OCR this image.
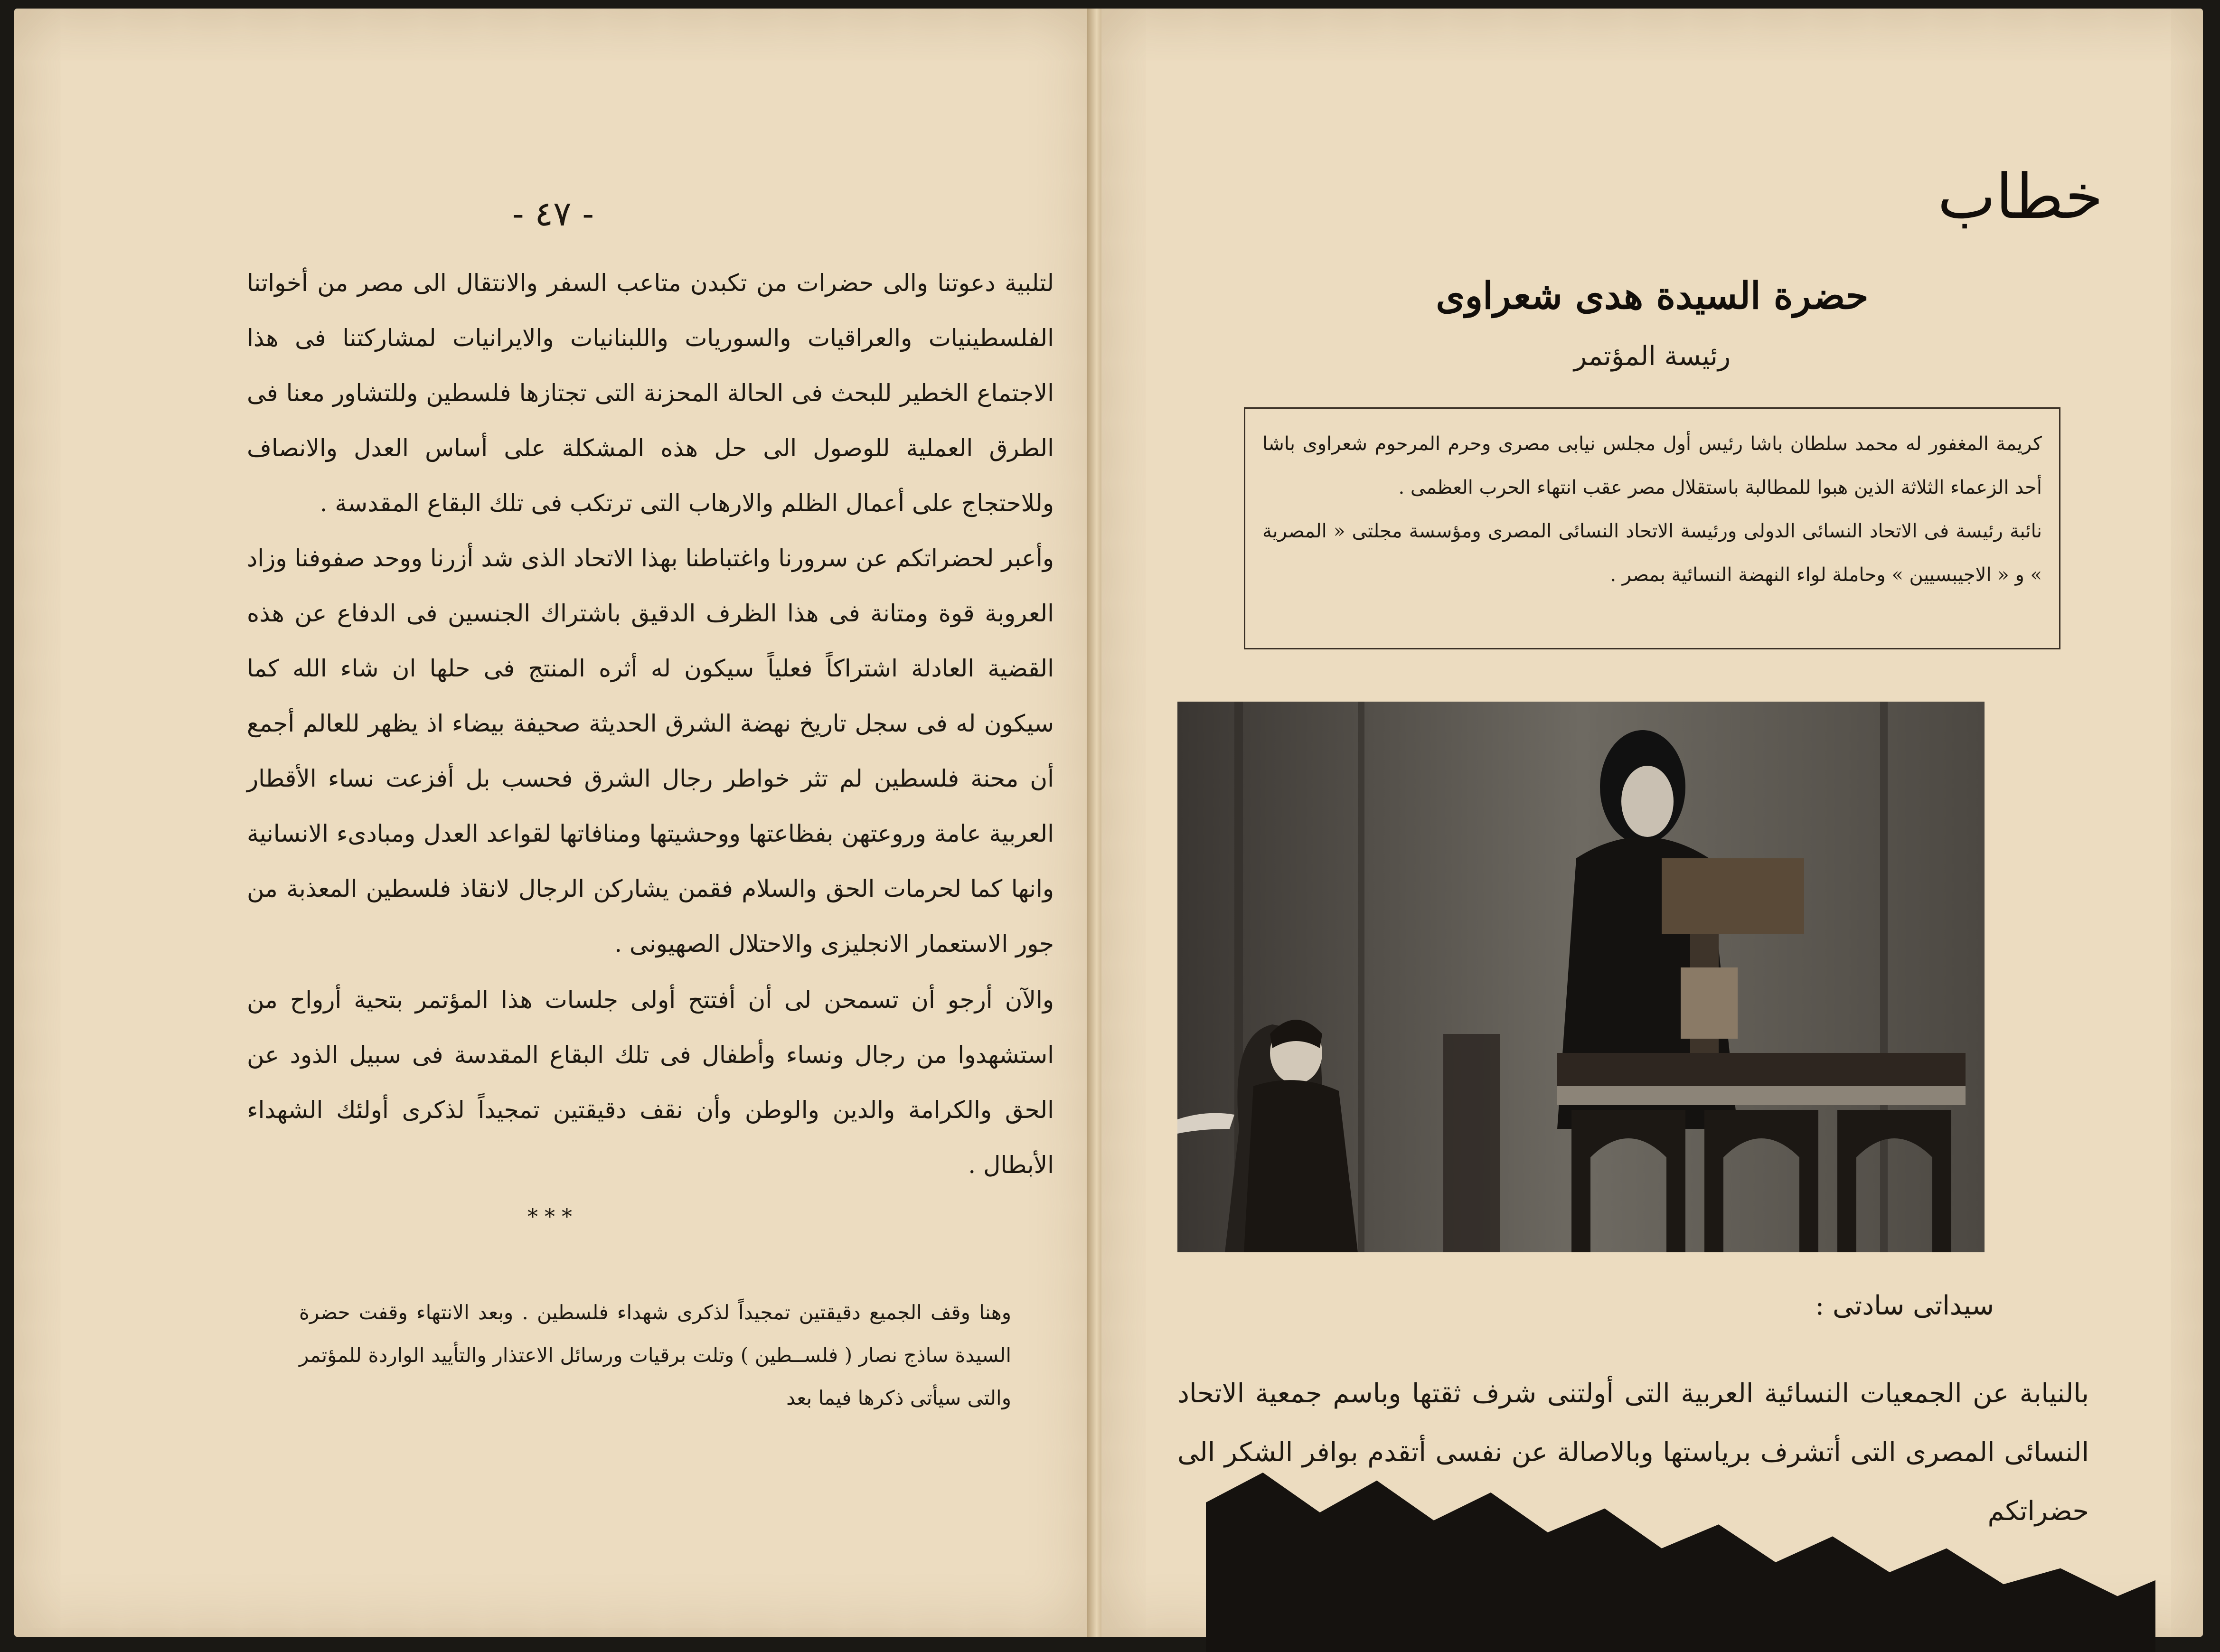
- ٤٧ -

لتلبية دعوتنا والى حضرات من تكبدن متاعب السفر والانتقال الى مصر من أخواتنا الفلسطينيات والعراقيات والسوريات واللبنانيات والايرانيات لمشاركتنا فى هذا الاجتماع الخطير للبحث فى الحالة المحزنة التى تجتازها فلسطين وللتشاور معنا فى الطرق العملية للوصول الى حل هذه المشكلة على أساس العدل والانصاف وللاحتجاج على أعمال الظلم والارهاب التى ترتكب فى تلك البقاع المقدسة .

وأعبر لحضراتكم عن سرورنا واغتباطنا بهذا الاتحاد الذى شد أزرنا ووحد صفوفنا وزاد العروبة قوة ومتانة فى هذا الظرف الدقيق باشتراك الجنسين فى الدفاع عن هذه القضية العادلة اشتراكاً فعلياً سيكون له أثره المنتج فى حلها ان شاء الله كما سيكون له فى سجل تاريخ نهضة الشرق الحديثة صحيفة بيضاء اذ يظهر للعالم أجمع أن محنة فلسطين لم تثر خواطر رجال الشرق فحسب بل أفزعت نساء الأقطار العربية عامة وروعتهن بفظاعتها ووحشيتها ومنافاتها لقواعد العدل ومبادىء الانسانية وانها كما لحرمات الحق والسلام فقمن يشاركن الرجال لانقاذ فلسطين المعذبة من جور الاستعمار الانجليزى والاحتلال الصهيونى .

والآن أرجو أن تسمحن لى أن أفتتح أولى جلسات هذا المؤتمر بتحية أرواح من استشهدوا من رجال ونساء وأطفال فى تلك البقاع المقدسة فى سبيل الذود عن الحق والكرامة والدين والوطن وأن نقف دقيقتين تمجيداً لذكرى أولئك الشهداء الأبطال .

***

وهنا وقف الجميع دقيقتين تمجيداً لذكرى شهداء فلسطين . وبعد الانتهاء وقفت حضرة السيدة ساذج نصار ( فلســطين ) وتلت برقيات ورسائل الاعتذار والتأييد الواردة للمؤتمر والتى سيأتى ذكرها فيما بعد

خطاب
حضرة السيدة هدى شعراوى
رئيسة المؤتمر

كريمة المغفور له محمد سلطان باشا رئيس أول مجلس نيابى مصرى وحرم المرحوم شعراوى باشا أحد الزعماء الثلاثة الذين هبوا للمطالبة باستقلال مصر عقب انتهاء الحرب العظمى .

نائبة رئيسة فى الاتحاد النسائى الدولى ورئيسة الاتحاد النسائى المصرى ومؤسسة مجلتى « المصرية » و « الاجيبسيين » وحاملة لواء النهضة النسائية بمصر .

سيداتى سادتى :

بالنيابة عن الجمعيات النسائية العربية التى أولتنى شرف ثقتها وباسم جمعية الاتحاد النسائى المصرى التى أتشرف برياستها وبالاصالة عن نفسى أتقدم بوافر الشكر الى حضراتكم
